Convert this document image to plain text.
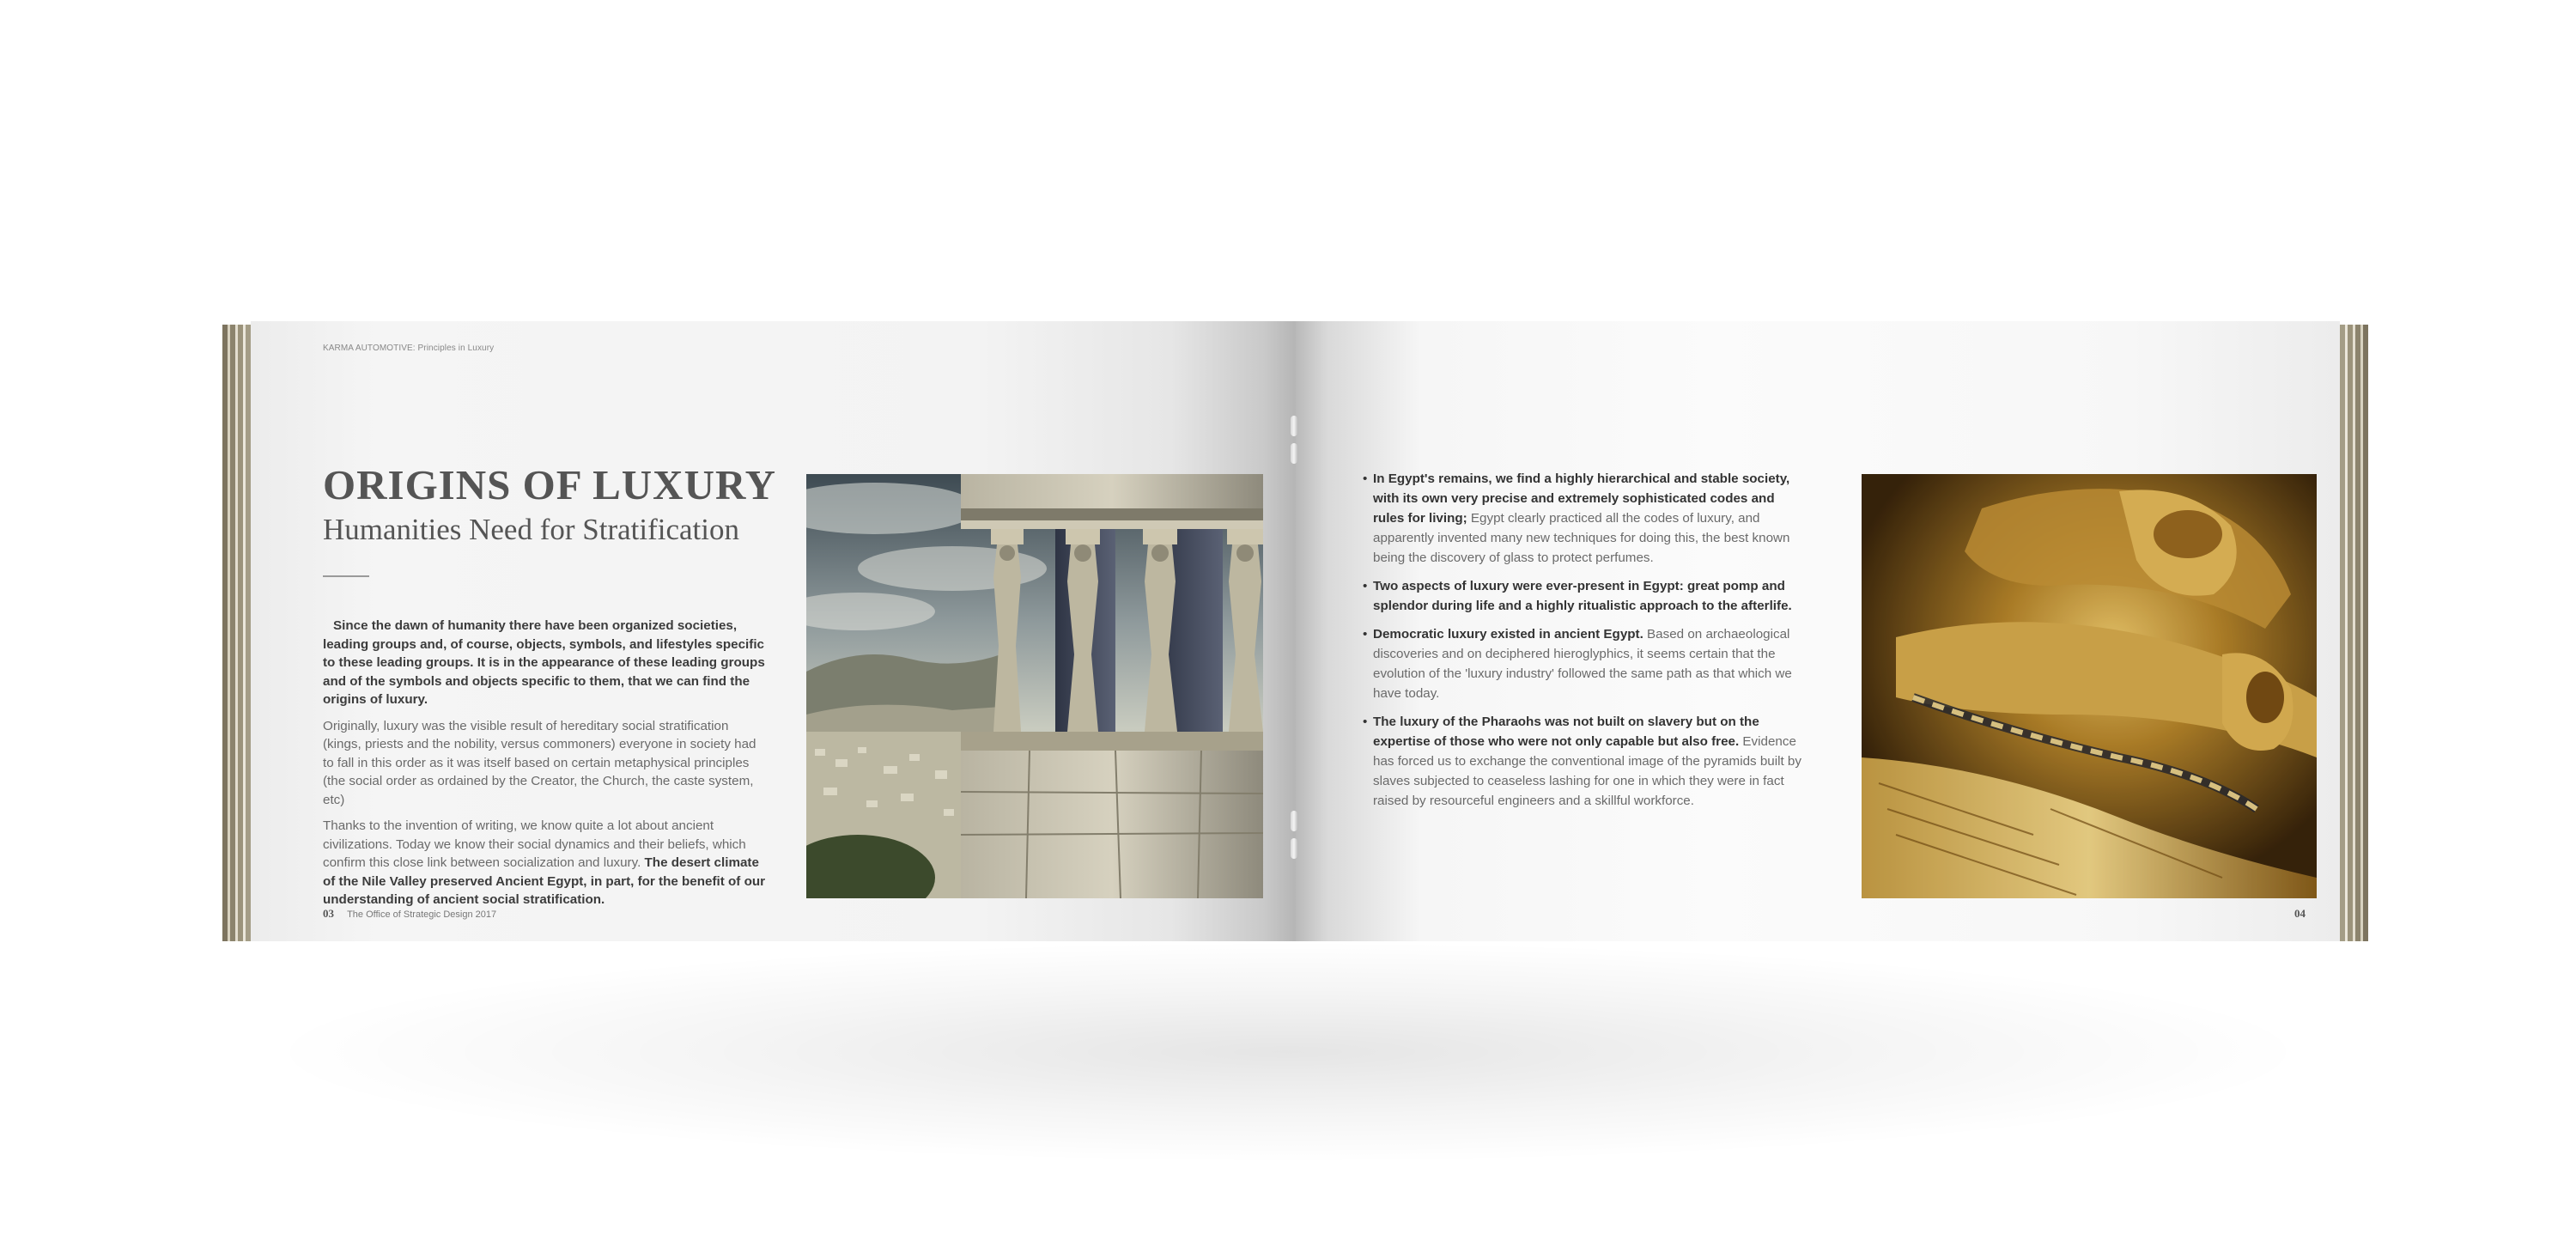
KARMA AUTOMOTIVE: Principles in Luxury
ORIGINS OF LUXURY
Humanities Need for Stratification

Since the dawn of humanity there have been organized societies, leading groups and, of course, objects, symbols, and lifestyles specific to these leading groups. It is in the appearance of these leading groups and of the symbols and objects specific to them, that we can find the origins of luxury.

Originally, luxury was the visible result of hereditary social stratification (kings, priests and the nobility, versus commoners) everyone in society had to fall in this order as it was itself based on certain metaphysical principles (the social order as ordained by the Creator, the Church, the caste system, etc)

Thanks to the invention of writing, we know quite a lot about ancient civilizations. Today we know their social dynamics and their beliefs, which confirm this close link between socialization and luxury. The desert climate of the Nile Valley preserved Ancient Egypt, in part, for the benefit of our understanding of ancient social stratification.

03 The Office of Strategic Design 2017
• In Egypt's remains, we find a highly hierarchical and stable society, with its own very precise and extremely sophisticated codes and rules for living; Egypt clearly practiced all the codes of luxury, and apparently invented many new techniques for doing this, the best known being the discovery of glass to protect perfumes.
• Two aspects of luxury were ever-present in Egypt: great pomp and splendor during life and a highly ritualistic approach to the afterlife.
• Democratic luxury existed in ancient Egypt. Based on archaeological discoveries and on deciphered hieroglyphics, it seems certain that the evolution of the 'luxury industry' followed the same path as that which we have today.
• The luxury of the Pharaohs was not built on slavery but on the expertise of those who were not only capable but also free. Evidence has forced us to exchange the conventional image of the pyramids built by slaves subjected to ceaseless lashing for one in which they were in fact raised by resourceful engineers and a skillful workforce.
04
